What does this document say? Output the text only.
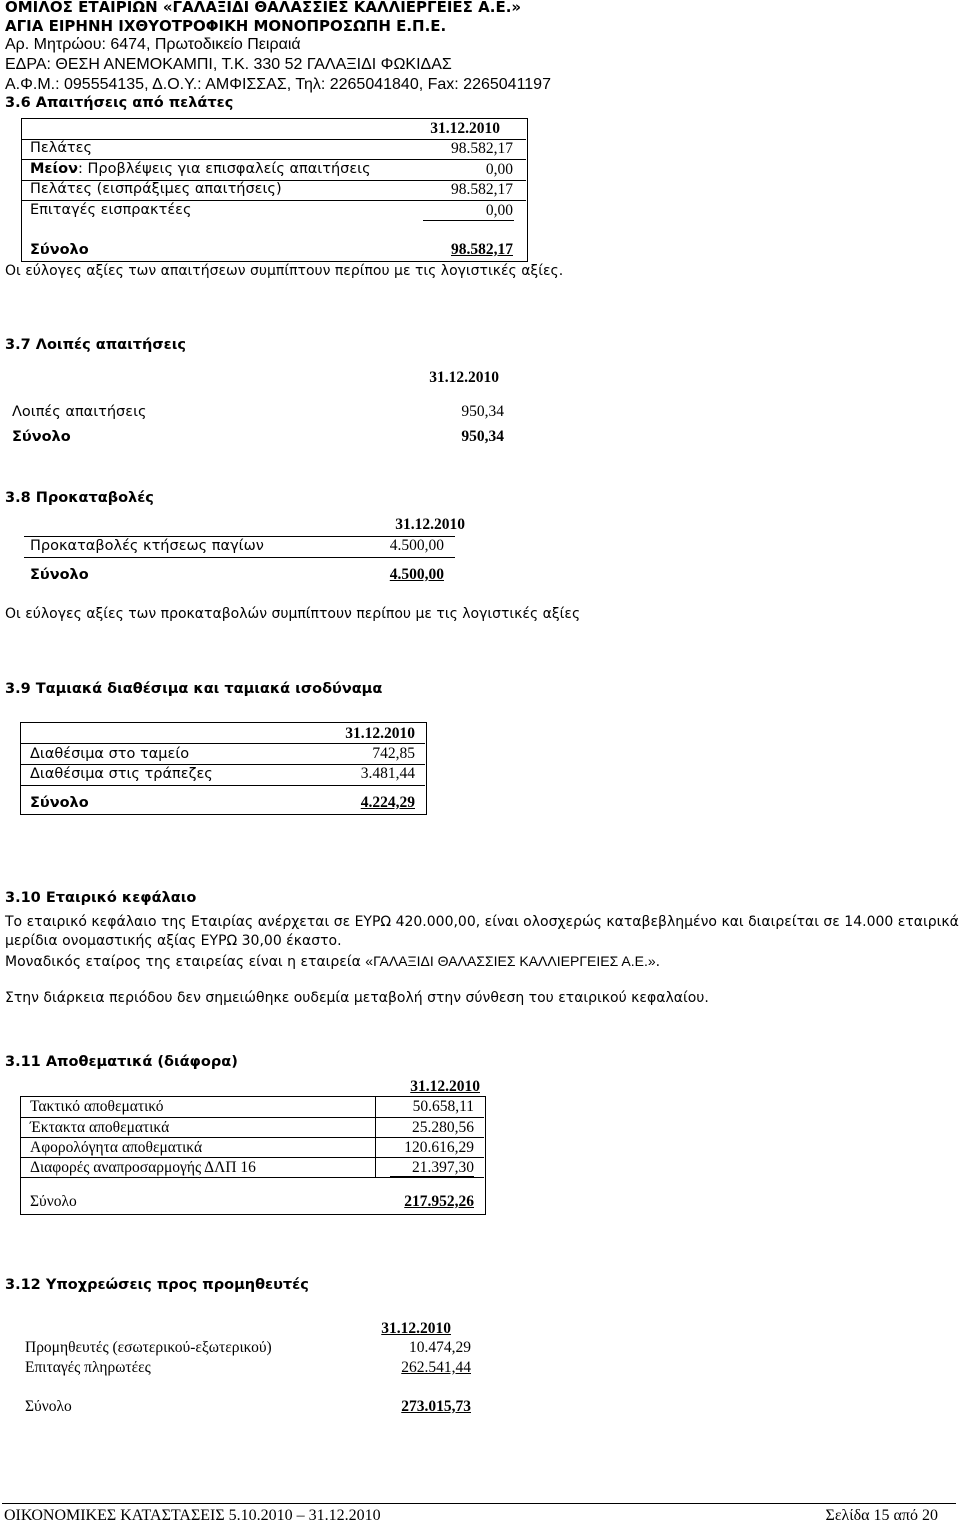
ΟΜΙΛΟΣ ΕΤΑΙΡΙΩΝ «ΓΑΛΑΞΙΔΙ ΘΑΛΑΣΣΙΕΣ ΚΑΛΛΙΕΡΓΕΙΕΣ Α.Ε.»
ΑΓΙΑ ΕΙΡΗΝΗ ΙΧΘΥΟΤΡΟΦΙΚΗ ΜΟΝΟΠΡΟΣΩΠΗ Ε.Π.Ε.
Αρ. Μητρώου: 6474, Πρωτοδικείο Πειραιά
ΕΔΡΑ: ΘΕΣΗ ΑΝΕΜΟΚΑΜΠΙ, Τ.Κ. 330 52 ΓΑΛΑΞΙΔΙ ΦΩΚΙΔΑΣ
Α.Φ.Μ.: 095554135, Δ.Ο.Υ.: ΑΜΦΙΣΣΑΣ, Τηλ: 2265041840, Fax: 2265041197
3.6 Απαιτήσεις από πελάτες
31.12.2010
Πελάτες	98.582,17
Μείον: Προβλέψεις για επισφαλείς απαιτήσεις	0,00
Πελάτες (εισπράξιμες απαιτήσεις)	98.582,17
Επιταγές εισπρακτέες	0,00
Σύνολο	98.582,17
Οι εύλογες αξίες των απαιτήσεων συμπίπτουν περίπου με τις λογιστικές αξίες.
3.7 Λοιπές απαιτήσεις
31.12.2010
Λοιπές απαιτήσεις	950,34
Σύνολο	950,34
3.8 Προκαταβολές
31.12.2010
Προκαταβολές κτήσεως παγίων	4.500,00
Σύνολο	4.500,00
Οι εύλογες αξίες των προκαταβολών συμπίπτουν περίπου με τις λογιστικές αξίες
3.9 Ταμιακά διαθέσιμα και ταμιακά ισοδύναμα
31.12.2010
Διαθέσιμα στο ταμείο	742,85
Διαθέσιμα στις τράπεζες	3.481,44
Σύνολο	4.224,29
3.10 Εταιρικό κεφάλαιο
Το εταιρικό κεφάλαιο της Εταιρίας ανέρχεται σε ΕΥΡΩ 420.000,00, είναι ολοσχερώς καταβεβλημένο και διαιρείται σε 14.000 εταιρικά
μερίδια ονομαστικής αξίας ΕΥΡΩ 30,00 έκαστο.
Μοναδικός εταίρος της εταιρείας είναι η εταιρεία «ΓΑΛΑΞΙΔΙ ΘΑΛΑΣΣΙΕΣ ΚΑΛΛΙΕΡΓΕΙΕΣ Α.Ε.».
Στην διάρκεια περιόδου δεν σημειώθηκε ουδεμία μεταβολή στην σύνθεση του εταιρικού κεφαλαίου.
3.11 Αποθεματικά (διάφορα)
31.12.2010
Τακτικό αποθεματικό	50.658,11
Έκτακτα αποθεματικά	25.280,56
Αφορολόγητα αποθεματικά	120.616,29
Διαφορές αναπροσαρμογής ΔΛΠ 16	21.397,30
Σύνολο	217.952,26
3.12 Υποχρεώσεις προς προμηθευτές
31.12.2010
Προμηθευτές (εσωτερικού-εξωτερικού)	10.474,29
Επιταγές πληρωτέες	262.541,44
Σύνολο	273.015,73
ΟΙΚΟΝΟΜΙΚΕΣ ΚΑΤΑΣΤΑΣΕΙΣ 5.10.2010 – 31.12.2010	Σελίδα 15 από 20
